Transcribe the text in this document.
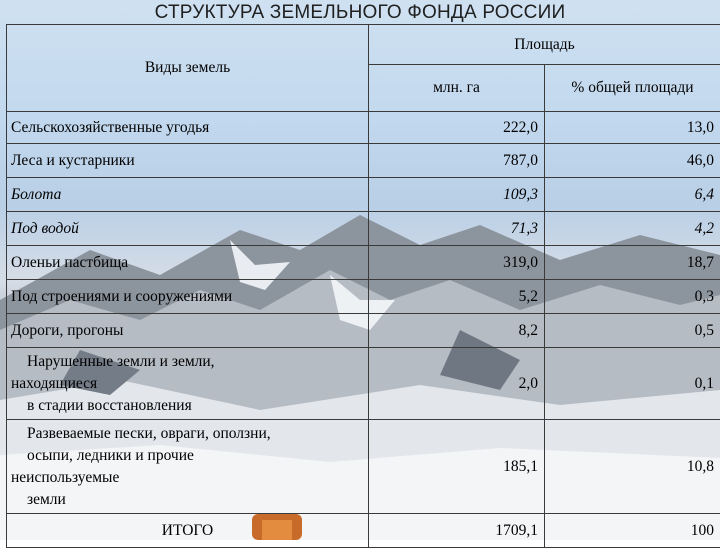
СТРУКТУРА ЗЕМЕЛЬНОГО ФОНДА РОССИИ
Виды земель	Площадь	
	млн. га	% общей площади
Сельскохозяйственные угодья	222,0	13,0
Леса и кустарники	787,0	46,0
Болота	109,3	6,4
Под водой	71,3	4,2
Оленьи пастбища	319,0	18,7
Под строениями и сооружениями	5,2	0,3
Дороги, прогоны	8,2	0,5

Нарушенные земли и земли,
находящиеся
в стадии восстановления	2,0	0,1

Развеваемые пески, овраги, оползни,
осыпи, ледники и прочие
неиспользуемые
земли	185,1	10,8
ИТОГО	1709,1	100
